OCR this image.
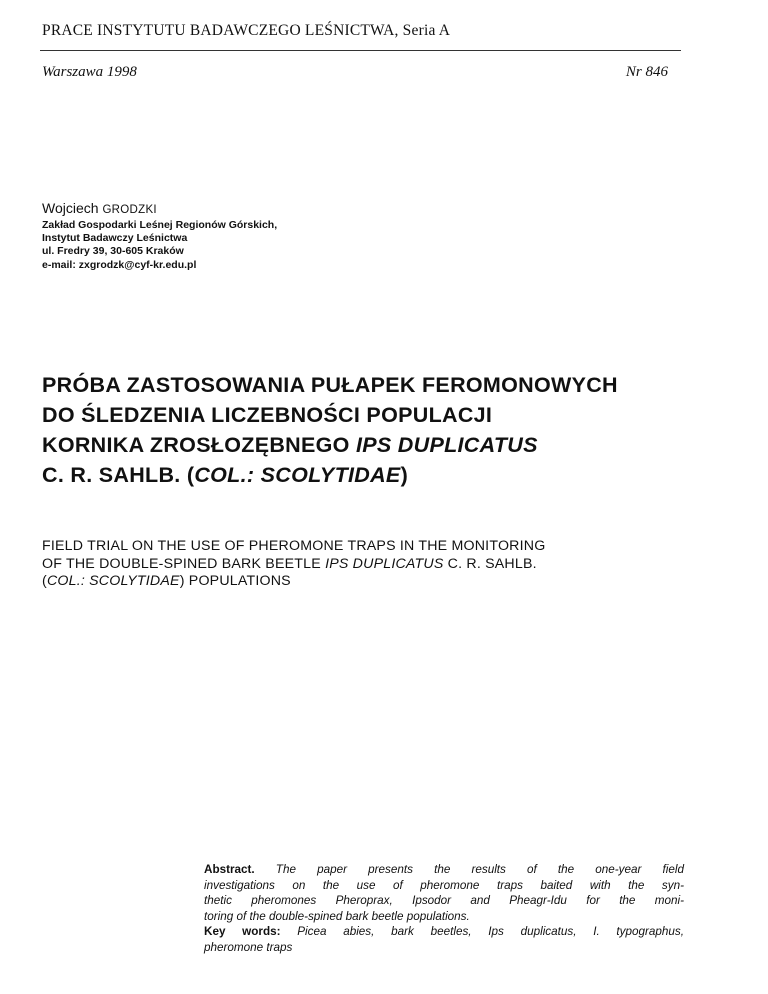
PRACE INSTYTUTU BADAWCZEGO LEŚNICTWA, Seria A
Warszawa 1998	Nr 846
Wojciech GRODZKI
Zakład Gospodarki Leśnej Regionów Górskich,
Instytut Badawczy Leśnictwa
ul. Fredry 39, 30-605 Kraków
e-mail: zxgrodzk@cyf-kr.edu.pl
PRÓBA ZASTOSOWANIA PUŁAPEK FEROMONOWYCH
DO ŚLEDZENIA LICZEBNOŚCI POPULACJI
KORNIKA ZROSŁOZĘBNEGO IPS DUPLICATUS
C. R. SAHLB. (COL.: SCOLYTIDAE)
FIELD TRIAL ON THE USE OF PHEROMONE TRAPS IN THE MONITORING
OF THE DOUBLE-SPINED BARK BEETLE IPS DUPLICATUS C. R. SAHLB.
(COL.: SCOLYTIDAE) POPULATIONS
Abstract. The paper presents the results of the one-year field
investigations on the use of pheromone traps baited with the syn-
thetic pheromones Pheroprax, Ipsodor and Pheagr-Idu for the moni-
toring of the double-spined bark beetle populations.
Key words: Picea abies, bark beetles, Ips duplicatus, I. typographus,
pheromone traps
